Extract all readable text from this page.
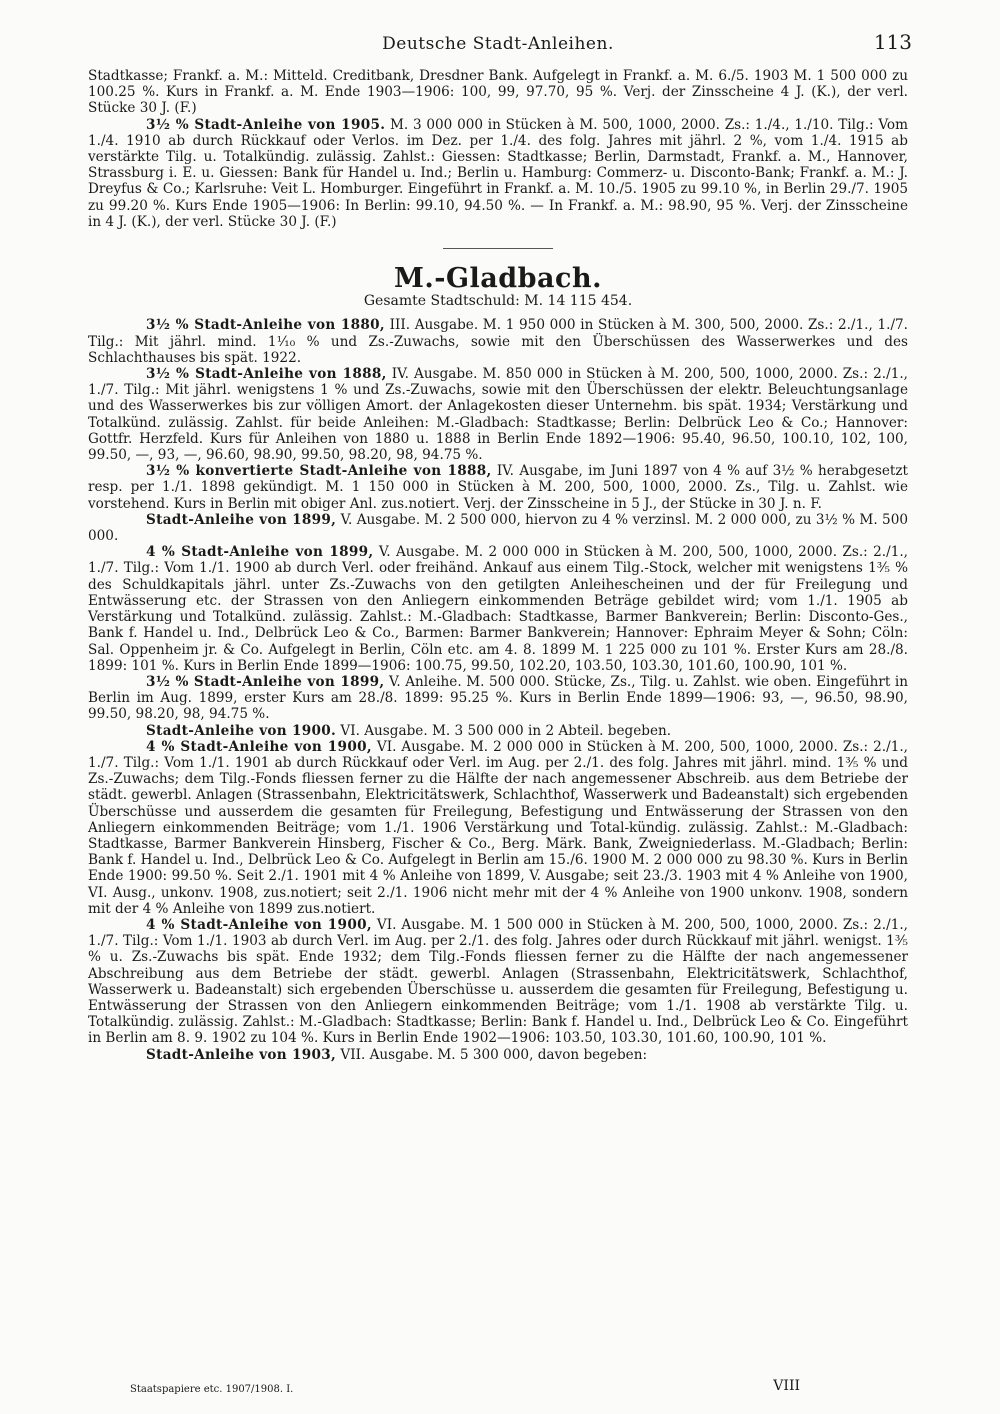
Deutsche Stadt-Anleihen.	113

Stadtkasse; Frankf. a. M.: Mitteld. Creditbank, Dresdner Bank. Aufgelegt in Frankf. a. M. 6./5. 1903 M. 1 500 000 zu 100.25 %. Kurs in Frankf. a. M. Ende 1903—1906: 100, 99, 97.70, 95 %. Verj. der Zinsscheine 4 J. (K.), der verl. Stücke 30 J. (F.)

3½ % Stadt-Anleihe von 1905. M. 3 000 000 in Stücken à M. 500, 1000, 2000. Zs.: 1./4., 1./10. Tilg.: Vom 1./4. 1910 ab durch Rückkauf oder Verlos. im Dez. per 1./4. des folg. Jahres mit jährl. 2 %, vom 1./4. 1915 ab verstärkte Tilg. u. Totalkündig. zulässig. Zahlst.: Giessen: Stadtkasse; Berlin, Darmstadt, Frankf. a. M., Hannover, Strassburg i. E. u. Giessen: Bank für Handel u. Ind.; Berlin u. Hamburg: Commerz- u. Disconto-Bank; Frankf. a. M.: J. Dreyfus & Co.; Karlsruhe: Veit L. Homburger. Eingeführt in Frankf. a. M. 10./5. 1905 zu 99.10 %, in Berlin 29./7. 1905 zu 99.20 %. Kurs Ende 1905—1906: In Berlin: 99.10, 94.50 %. — In Frankf. a. M.: 98.90, 95 %. Verj. der Zinsscheine in 4 J. (K.), der verl. Stücke 30 J. (F.)

M.-Gladbach.
Gesamte Stadtschuld: M. 14 115 454.

3½ % Stadt-Anleihe von 1880, III. Ausgabe. M. 1 950 000 in Stücken à M. 300, 500, 2000. Zs.: 2./1., 1./7. Tilg.: Mit jährl. mind. 1¹⁄₁₀ % und Zs.-Zuwachs, sowie mit den Überschüssen des Wasserwerkes und des Schlachthauses bis spät. 1922.

3½ % Stadt-Anleihe von 1888, IV. Ausgabe. M. 850 000 in Stücken à M. 200, 500, 1000, 2000. Zs.: 2./1., 1./7. Tilg.: Mit jährl. wenigstens 1 % und Zs.-Zuwachs, sowie mit den Überschüssen der elektr. Beleuchtungsanlage und des Wasserwerkes bis zur völligen Amort. der Anlagekosten dieser Unternehm. bis spät. 1934; Verstärkung und Totalkünd. zulässig. Zahlst. für beide Anleihen: M.-Gladbach: Stadtkasse; Berlin: Delbrück Leo & Co.; Hannover: Gottfr. Herzfeld. Kurs für Anleihen von 1880 u. 1888 in Berlin Ende 1892—1906: 95.40, 96.50, 100.10, 102, 100, 99.50, —, 93, —, 96.60, 98.90, 99.50, 98.20, 98, 94.75 %.

3½ % konvertierte Stadt-Anleihe von 1888, IV. Ausgabe, im Juni 1897 von 4 % auf 3½ % herabgesetzt resp. per 1./1. 1898 gekündigt. M. 1 150 000 in Stücken à M. 200, 500, 1000, 2000. Zs., Tilg. u. Zahlst. wie vorstehend. Kurs in Berlin mit obiger Anl. zus.notiert. Verj. der Zinsscheine in 5 J., der Stücke in 30 J. n. F.

Stadt-Anleihe von 1899, V. Ausgabe. M. 2 500 000, hiervon zu 4 % verzinsl. M. 2 000 000, zu 3½ % M. 500 000.

4 % Stadt-Anleihe von 1899, V. Ausgabe. M. 2 000 000 in Stücken à M. 200, 500, 1000, 2000. Zs.: 2./1., 1./7. Tilg.: Vom 1./1. 1900 ab durch Verl. oder freihänd. Ankauf aus einem Tilg.-Stock, welcher mit wenigstens 1³⁄₅ % des Schuldkapitals jährl. unter Zs.-Zuwachs von den getilgten Anleihescheinen und der für Freilegung und Entwässerung etc. der Strassen von den Anliegern einkommenden Beträge gebildet wird; vom 1./1. 1905 ab Verstärkung und Totalkünd. zulässig. Zahlst.: M.-Gladbach: Stadtkasse, Barmer Bankverein; Berlin: Disconto-Ges., Bank f. Handel u. Ind., Delbrück Leo & Co., Barmen: Barmer Bankverein; Hannover: Ephraim Meyer & Sohn; Cöln: Sal. Oppenheim jr. & Co. Aufgelegt in Berlin, Cöln etc. am 4. 8. 1899 M. 1 225 000 zu 101 %. Erster Kurs am 28./8. 1899: 101 %. Kurs in Berlin Ende 1899—1906: 100.75, 99.50, 102.20, 103.50, 103.30, 101.60, 100.90, 101 %.

3½ % Stadt-Anleihe von 1899, V. Anleihe. M. 500 000. Stücke, Zs., Tilg. u. Zahlst. wie oben. Eingeführt in Berlin im Aug. 1899, erster Kurs am 28./8. 1899: 95.25 %. Kurs in Berlin Ende 1899—1906: 93, —, 96.50, 98.90, 99.50, 98.20, 98, 94.75 %.

Stadt-Anleihe von 1900. VI. Ausgabe. M. 3 500 000 in 2 Abteil. begeben.

4 % Stadt-Anleihe von 1900, VI. Ausgabe. M. 2 000 000 in Stücken à M. 200, 500, 1000, 2000. Zs.: 2./1., 1./7. Tilg.: Vom 1./1. 1901 ab durch Rückkauf oder Verl. im Aug. per 2./1. des folg. Jahres mit jährl. mind. 1³⁄₅ % und Zs.-Zuwachs; dem Tilg.-Fonds fliessen ferner zu die Hälfte der nach angemessener Abschreib. aus dem Betriebe der städt. gewerbl. Anlagen (Strassenbahn, Elektricitätswerk, Schlachthof, Wasserwerk und Badeanstalt) sich ergebenden Überschüsse und ausserdem die gesamten für Freilegung, Befestigung und Entwässerung der Strassen von den Anliegern einkommenden Beiträge; vom 1./1. 1906 Verstärkung und Total-kündig. zulässig. Zahlst.: M.-Gladbach: Stadtkasse, Barmer Bankverein Hinsberg, Fischer & Co., Berg. Märk. Bank, Zweigniederlass. M.-Gladbach; Berlin: Bank f. Handel u. Ind., Delbrück Leo & Co. Aufgelegt in Berlin am 15./6. 1900 M. 2 000 000 zu 98.30 %. Kurs in Berlin Ende 1900: 99.50 %. Seit 2./1. 1901 mit 4 % Anleihe von 1899, V. Ausgabe; seit 23./3. 1903 mit 4 % Anleihe von 1900, VI. Ausg., unkonv. 1908, zus.notiert; seit 2./1. 1906 nicht mehr mit der 4 % Anleihe von 1900 unkonv. 1908, sondern mit der 4 % Anleihe von 1899 zus.notiert.

4 % Stadt-Anleihe von 1900, VI. Ausgabe. M. 1 500 000 in Stücken à M. 200, 500, 1000, 2000. Zs.: 2./1., 1./7. Tilg.: Vom 1./1. 1903 ab durch Verl. im Aug. per 2./1. des folg. Jahres oder durch Rückkauf mit jährl. wenigst. 1³⁄₅ % u. Zs.-Zuwachs bis spät. Ende 1932; dem Tilg.-Fonds fliessen ferner zu die Hälfte der nach angemessener Abschreibung aus dem Betriebe der städt. gewerbl. Anlagen (Strassenbahn, Elektricitätswerk, Schlachthof, Wasserwerk u. Badeanstalt) sich ergebenden Überschüsse u. ausserdem die gesamten für Freilegung, Befestigung u. Entwässerung der Strassen von den Anliegern einkommenden Beiträge; vom 1./1. 1908 ab verstärkte Tilg. u. Totalkündig. zulässig. Zahlst.: M.-Gladbach: Stadtkasse; Berlin: Bank f. Handel u. Ind., Delbrück Leo & Co. Eingeführt in Berlin am 8. 9. 1902 zu 104 %. Kurs in Berlin Ende 1902—1906: 103.50, 103.30, 101.60, 100.90, 101 %.

Stadt-Anleihe von 1903, VII. Ausgabe. M. 5 300 000, davon begeben:

Staatspapiere etc. 1907/1908. I.	VIII
